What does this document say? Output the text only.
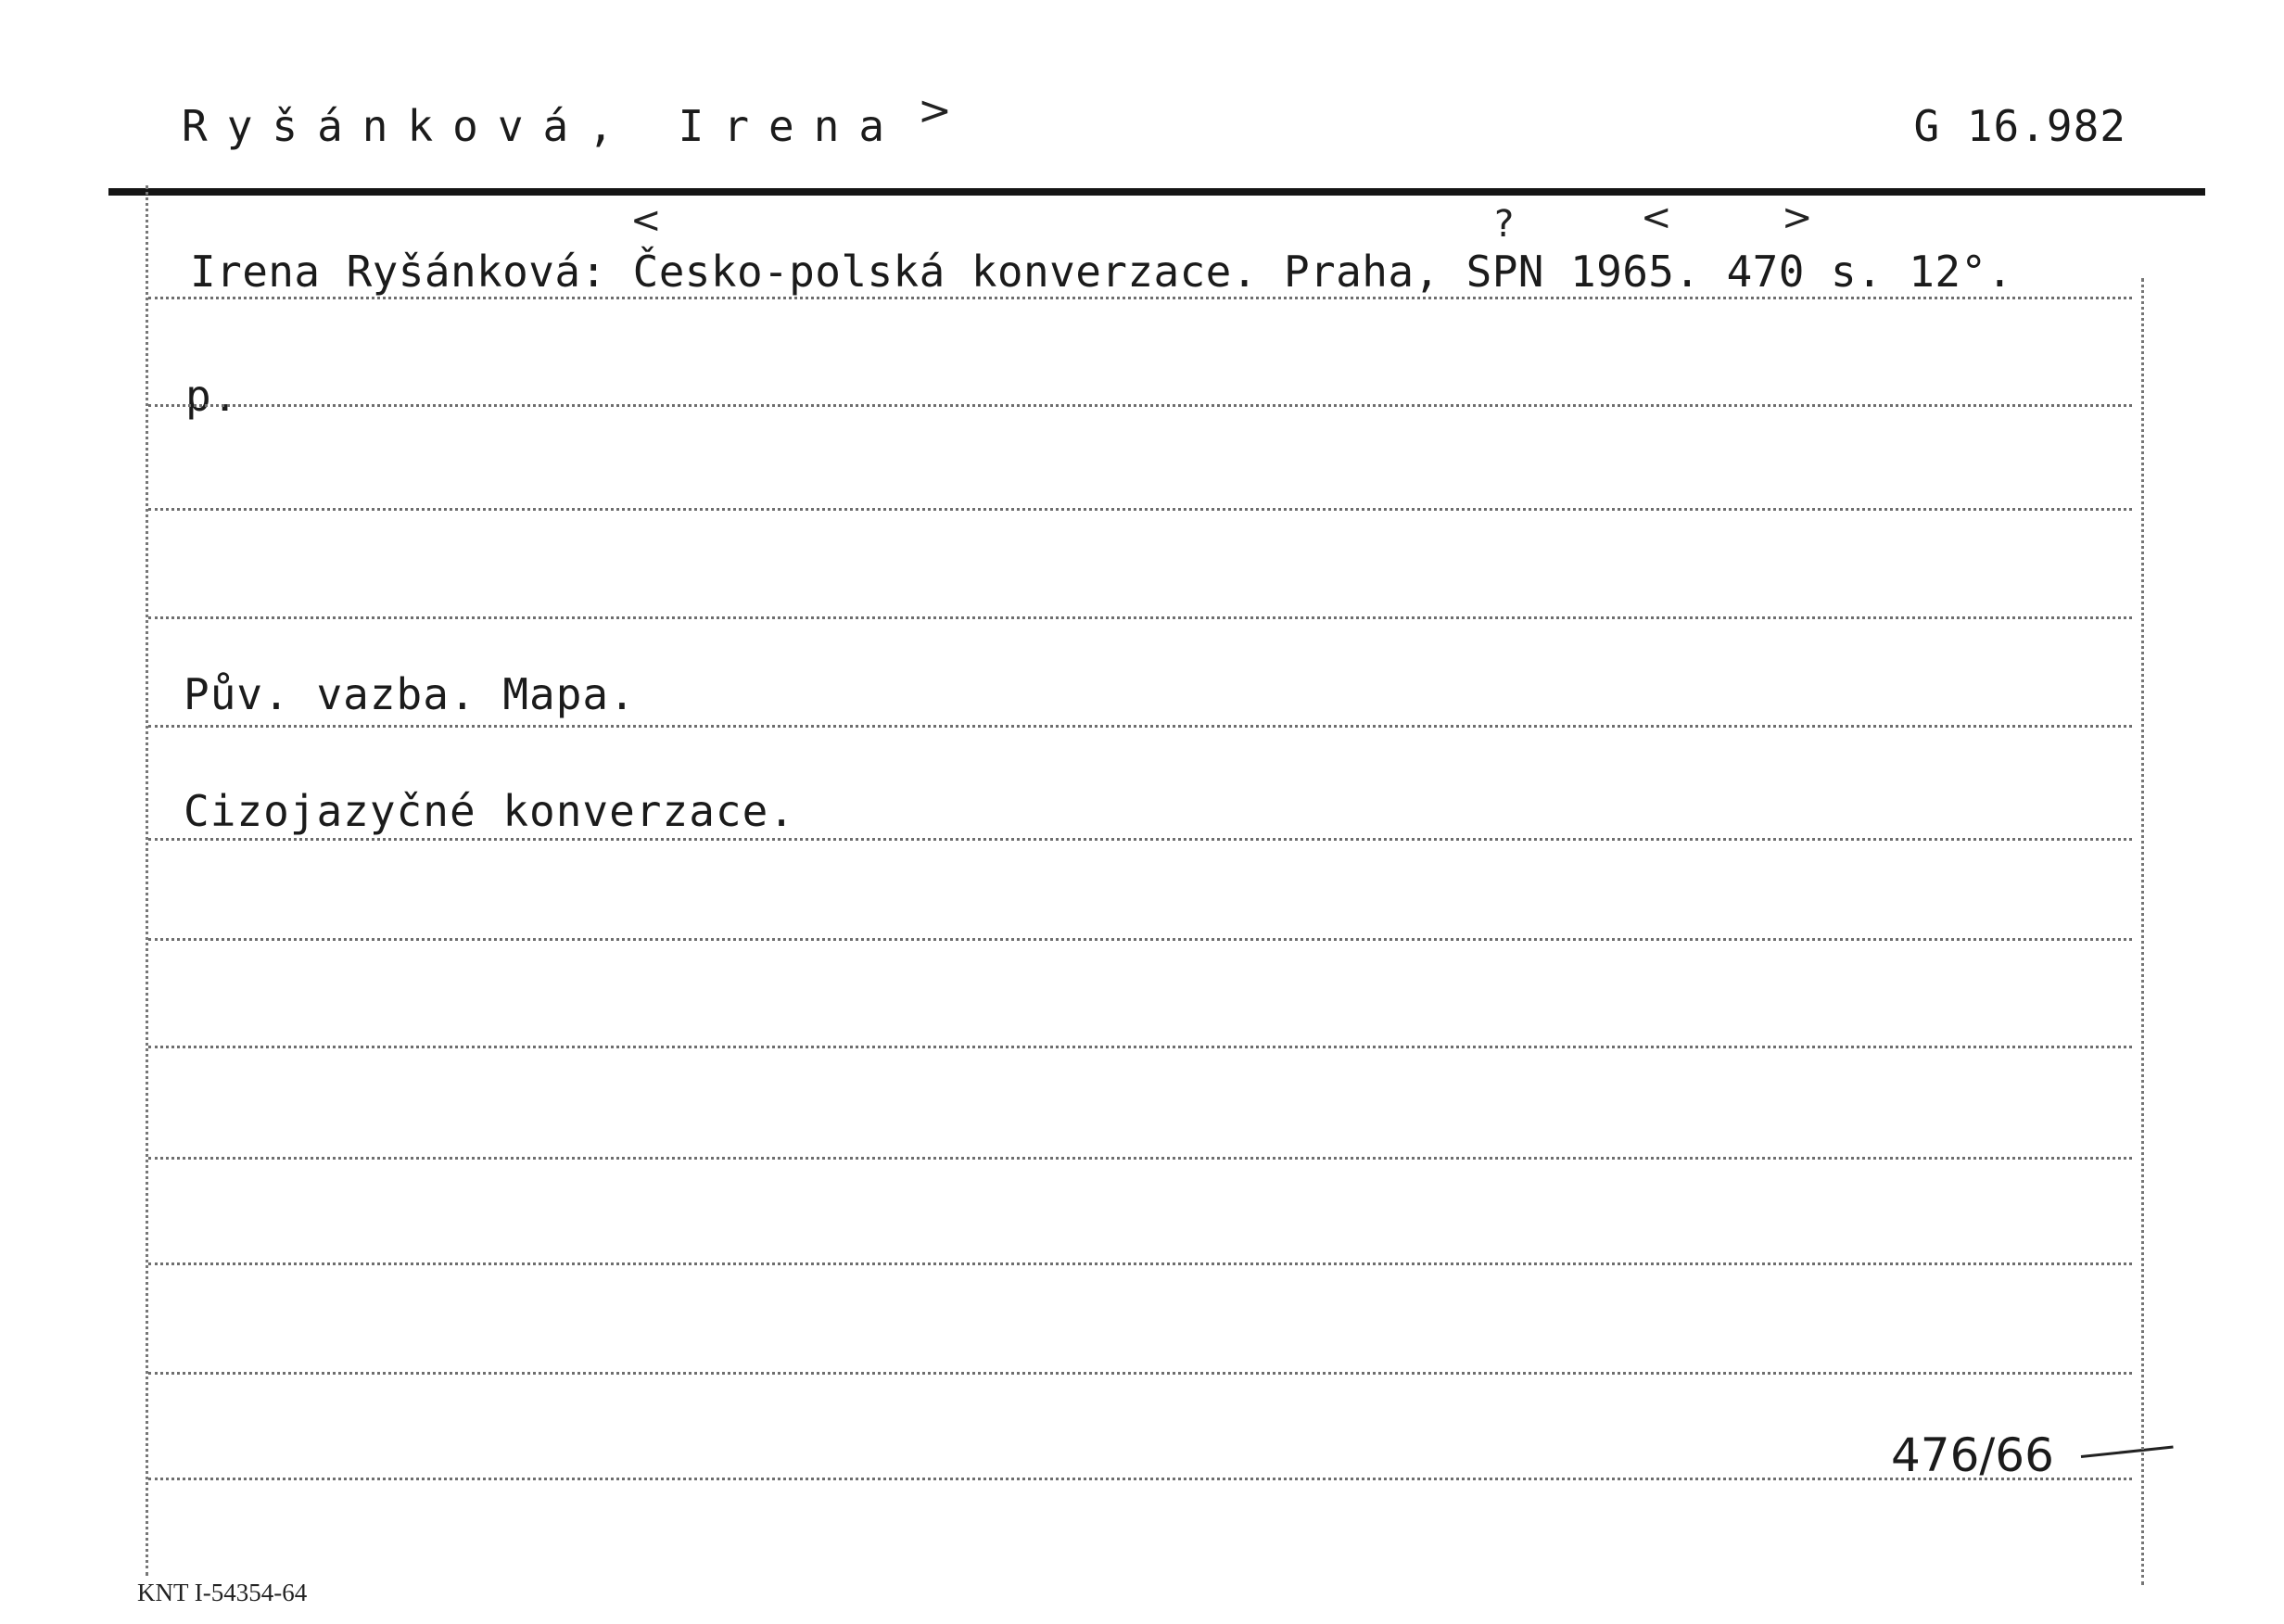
Ryšánková, Irena >	G 16.982
<	?	<	>
Irena Ryšánková: Česko-polská konverzace. Praha, SPN 1965. 470 s. 12°.
p.
Pův. vazba. Mapa.
Cizojazyčné konverzace.
476/66
KNT I-54354-64
